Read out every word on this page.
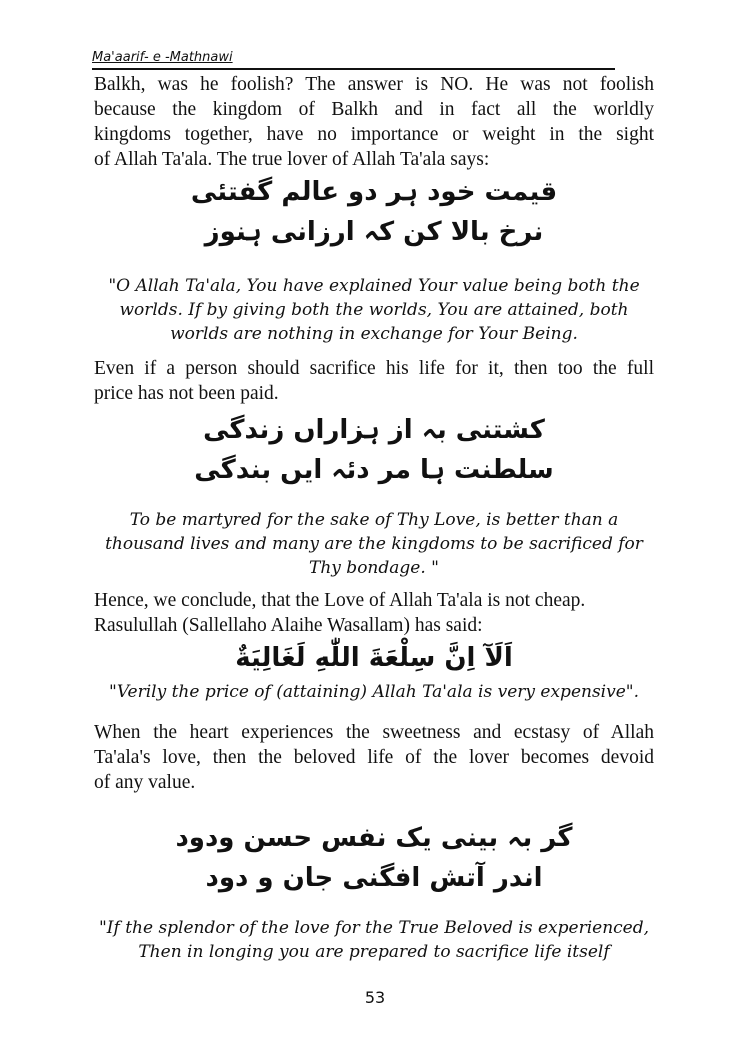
Ma'aarif- e -Mathnawi
Balkh, was he foolish? The answer is NO. He was not foolish
because the kingdom of Balkh and in fact all the worldly
kingdoms together, have no importance or weight in the sight
of Allah Ta'ala. The true lover of Allah Ta'ala says:
قیمت خود ہر دو عالم گفتئی
نرخ بالا کن کہ ارزانی ہنوز
"O Allah Ta'ala, You have explained Your value being both the
worlds. If by giving both the worlds, You are attained, both
worlds are nothing in exchange for Your Being.
Even if a person should sacrifice his life for it, then too the full
price has not been paid.
کشتنی بہ از ہزاراں زندگی
سلطنت ہا مر دئہ ایں بندگی
To be martyred for the sake of Thy Love, is better than a
thousand lives and many are the kingdoms to be sacrificed for
Thy bondage. "
Hence, we conclude, that the Love of Allah Ta'ala is not cheap.
Rasulullah (Sallellaho Alaihe Wasallam) has said:
اَلَآ اِنَّ سِلْعَةَ اللّٰهِ لَغَالِيَةٌ
"Verily the price of (attaining) Allah Ta'ala is very expensive".
When the heart experiences the sweetness and ecstasy of Allah
Ta'ala's love, then the beloved life of the lover becomes devoid
of any value.
گر بہ بینی یک نفس حسن ودود
اندر آتش افگنی جان و دود
"If the splendor of the love for the True Beloved is experienced,
Then in longing you are prepared to sacrifice life itself
53
